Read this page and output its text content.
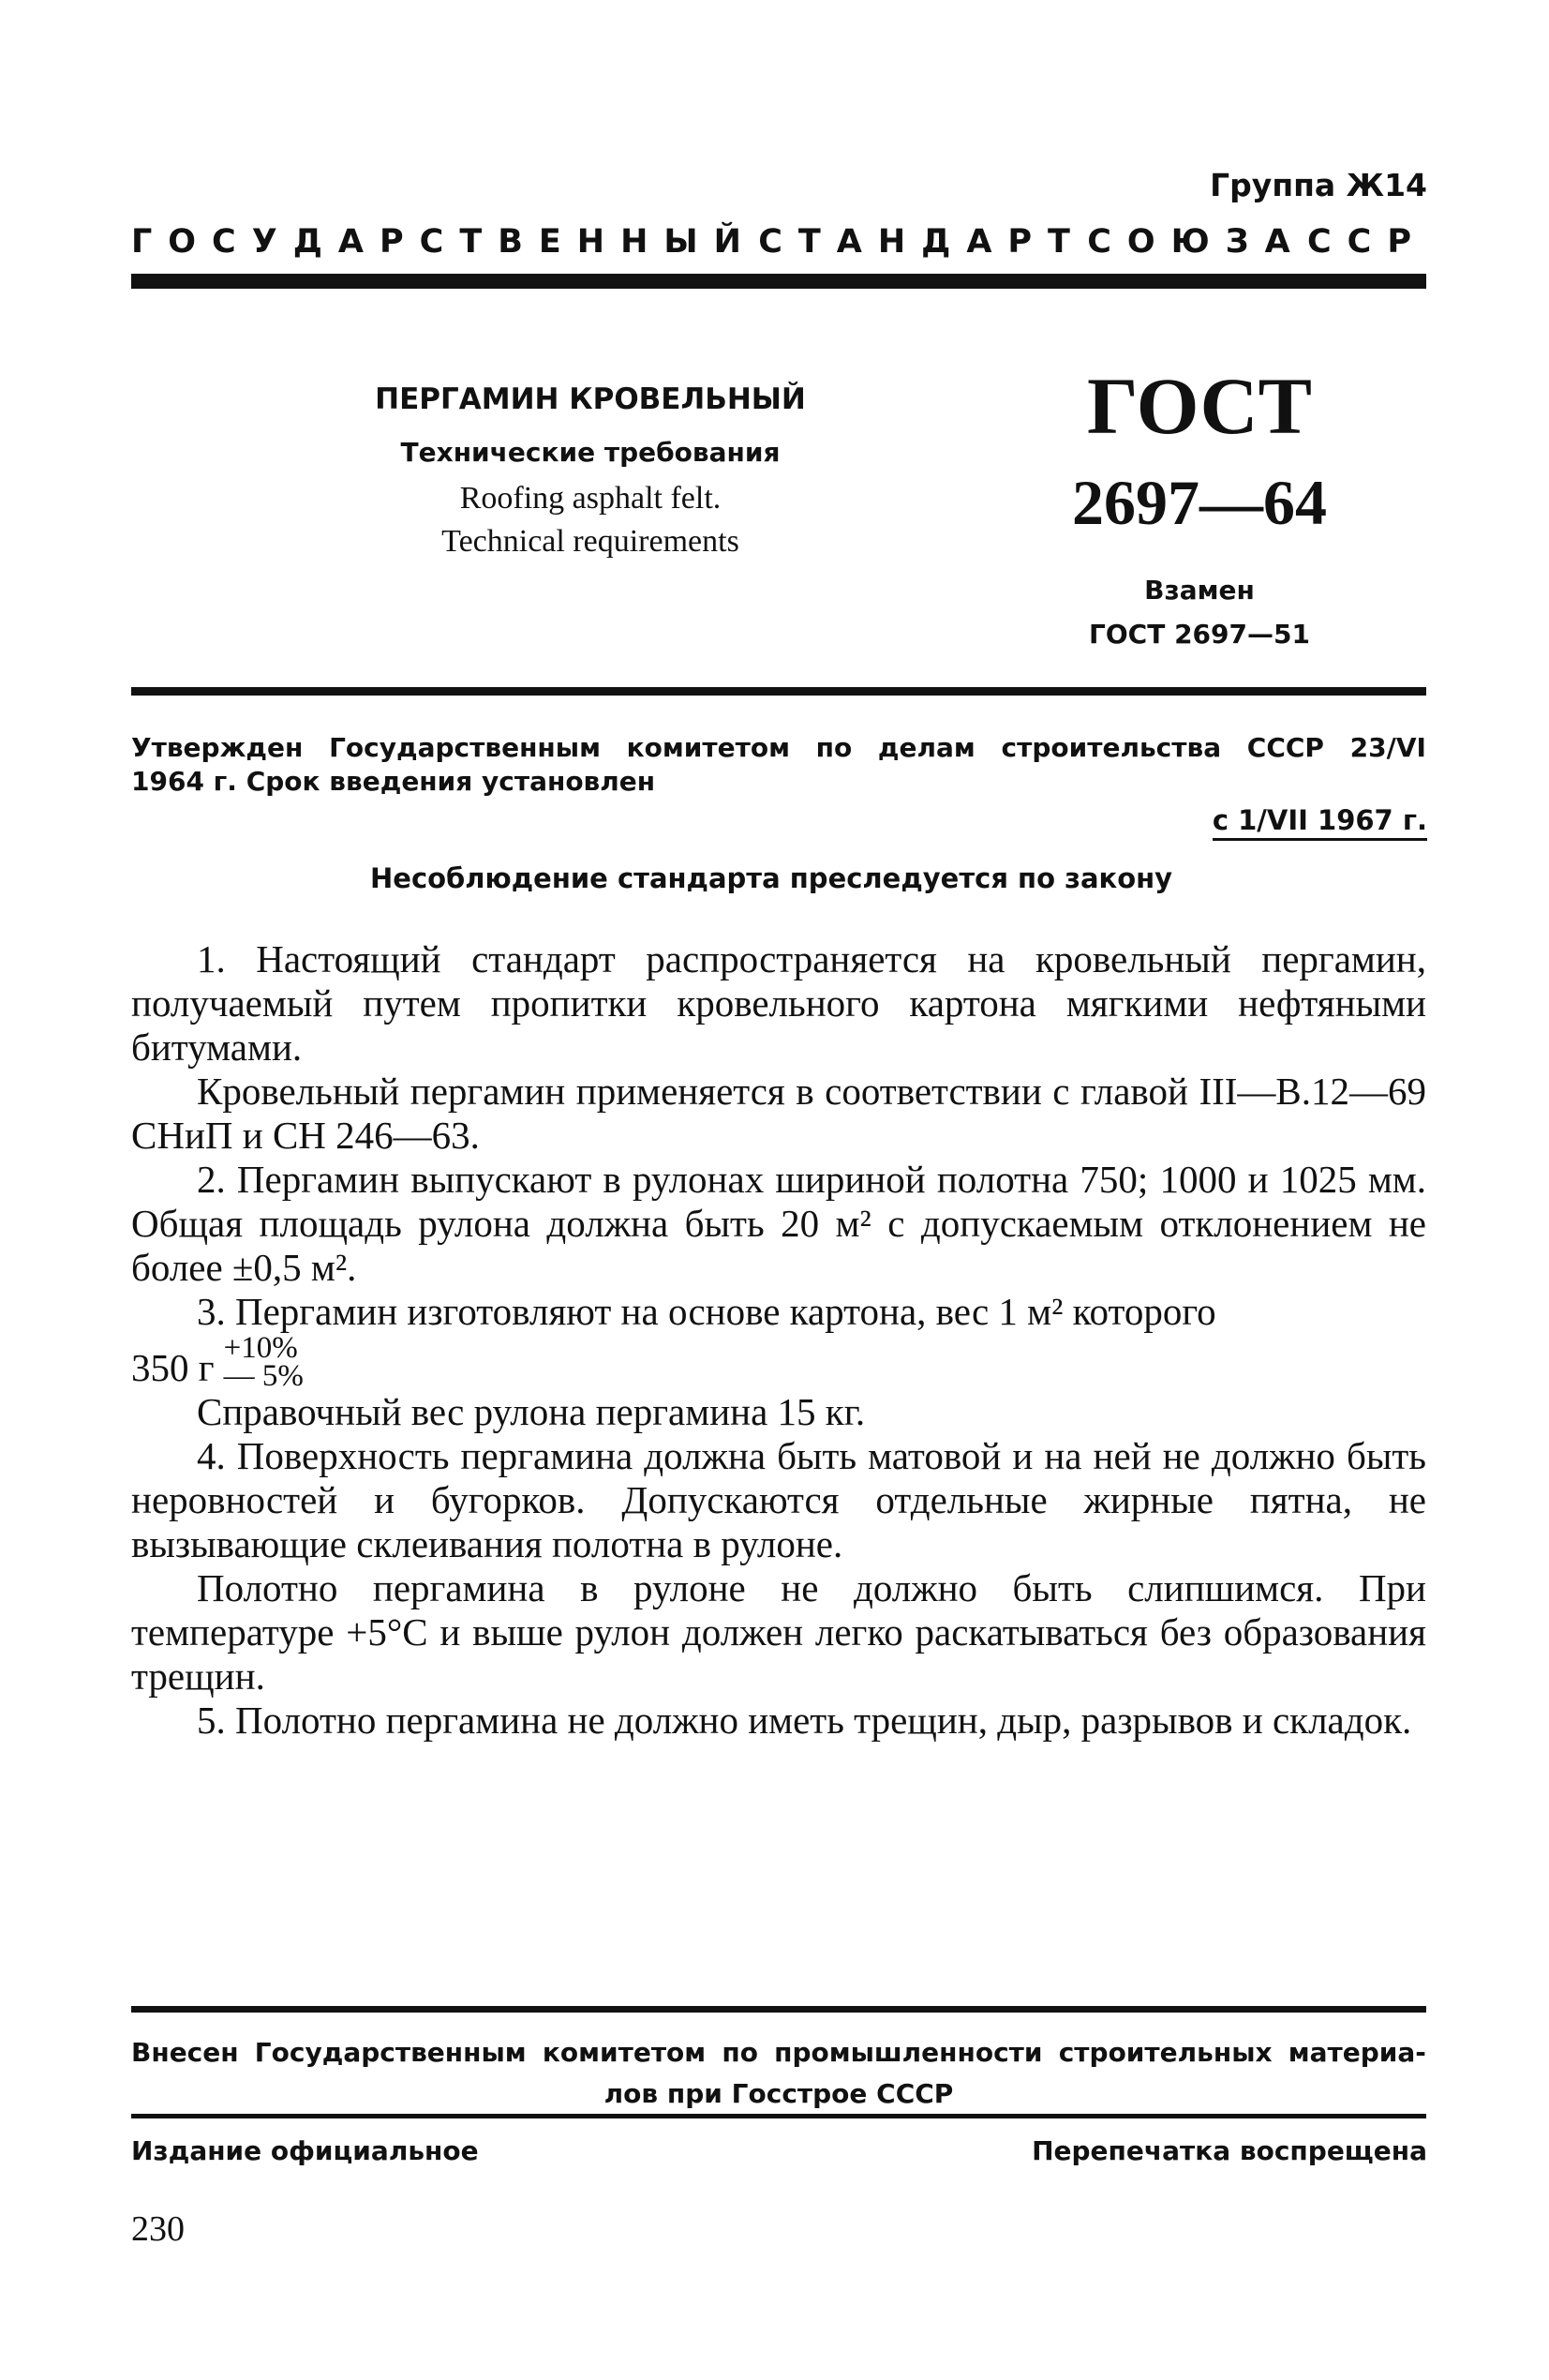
Группа Ж14
ГОСУДАРСТВЕННЫЙ СТАНДАРТ СОЮЗА ССР
ПЕРГАМИН КРОВЕЛЬНЫЙ
Технические требования
Roofing asphalt felt.
Technical requirements
ГОСТ
2697—64
Взамен
ГОСТ 2697—51
Утвержден Государственным комитетом по делам строительства СССР 23/VI
1964 г. Срок введения установлен
с 1/VII 1967 г.
Несоблюдение стандарта преследуется по закону

1. Настоящий стандарт распространяется на кровельный пергамин, получаемый путем пропитки кровельного картона мягкими нефтяными битумами.

Кровельный пергамин применяется в соответствии с главой III—В.12—69 СНиП и СН 246—63.

2. Пергамин выпускают в рулонах шириной полотна 750; 1000 и 1025 мм. Общая площадь рулона должна быть 20 м² с допускаемым отклонением не более ±0,5 м².

3. Пергамин изготовляют на основе картона, вес 1 м² которого

350 г +10%
— 5%

Справочный вес рулона пергамина 15 кг.

4. Поверхность пергамина должна быть матовой и на ней не должно быть неровностей и бугорков. Допускаются отдельные жирные пятна, не вызывающие склеивания полотна в рулоне.

Полотно пергамина в рулоне не должно быть слипшимся. При температуре +5°С и выше рулон должен легко раскатываться без образования трещин.

5. Полотно пергамина не должно иметь трещин, дыр, разрывов и складок.

Внесен Государственным комитетом по промышленности строительных материа-
лов при Госстрое СССР
Издание официальное	Перепечатка воспрещена
230
